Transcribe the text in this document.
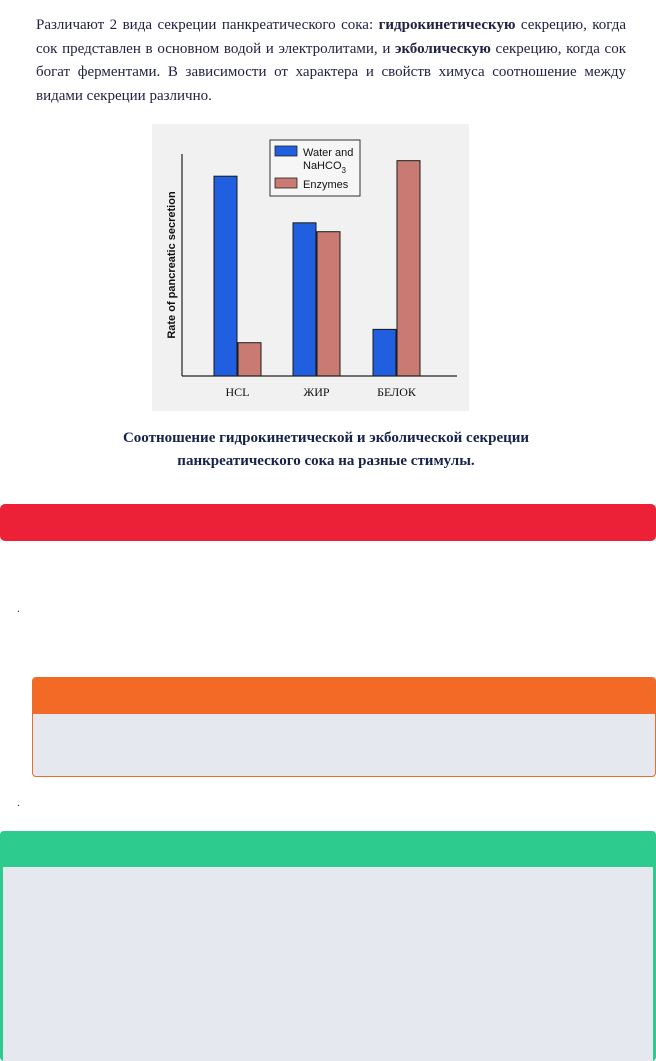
Различают 2 вида секреции панкреатического сока: гидрокинетическую секрецию, когда сок представлен в основном водой и электролитами, и экболическую секрецию, когда сок богат ферментами. В зависимости от характера и свойств химуса соотношение между видами секреции различно.

Rate of pancreatic secretion
HCL	ЖИР	БЕЛОК
Water and
NaHCO$_3$
Enzymes

Соотношение гидрокинетической и экболической секреции
панкреатического сока на разные стимулы.

.
.
